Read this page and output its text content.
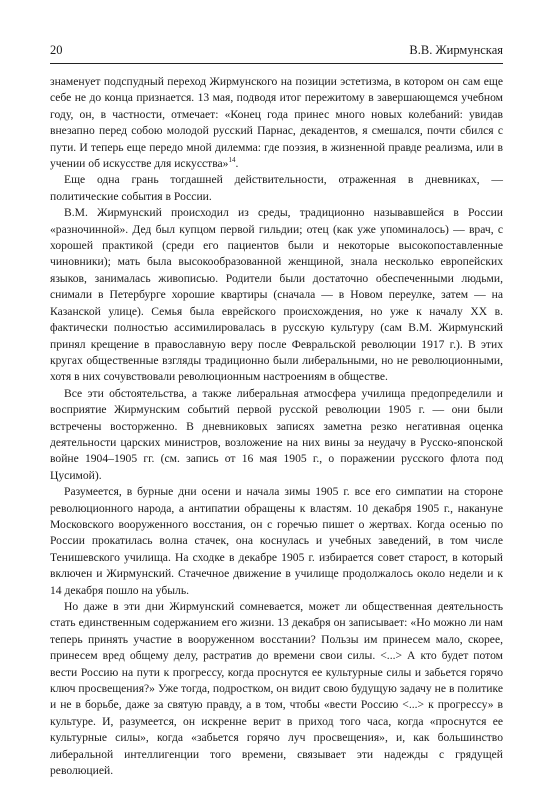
20	В.В. Жирмунская

знаменует подспудный переход Жирмунского на позиции эстетизма, в котором он сам еще себе не до конца признается. 13 мая, подводя итог пережитому в завершающемся учебном году, он, в частности, отмечает: «Конец года принес много новых колебаний: увидав внезапно перед собою молодой русский Парнас, декадентов, я смешался, почти сбился с пути. И теперь еще передо мной дилемма: где поэзия, в жизненной правде реализма, или в учении об искусстве для искусства»$^{14}$.

Еще одна грань тогдашней действительности, отраженная в дневниках, — политические события в России.

В.М. Жирмунский происходил из среды, традиционно называвшейся в России «разночинной». Дед был купцом первой гильдии; отец (как уже упоминалось) — врач, с хорошей практикой (среди его пациентов были и некоторые высокопоставленные чиновники); мать была высокообразованной женщиной, знала несколько европейских языков, занималась живописью. Родители были достаточно обеспеченными людьми, снимали в Петербурге хорошие квартиры (сначала — в Новом переулке, затем — на Казанской улице). Семья была еврейского происхождения, но уже к началу XX в. фактически полностью ассимилировалась в русскую культуру (сам В.М. Жирмунский принял крещение в православную веру после Февральской революции 1917 г.). В этих кругах общественные взгляды традиционно были либеральными, но не революционными, хотя в них сочувствовали революционным настроениям в обществе.

Все эти обстоятельства, а также либеральная атмосфера училища предопределили и восприятие Жирмунским событий первой русской революции 1905 г. — они были встречены восторженно. В дневниковых записях заметна резко негативная оценка деятельности царских министров, возложение на них вины за неудачу в Русско-японской войне 1904–1905 гг. (см. запись от 16 мая 1905 г., о поражении русского флота под Цусимой).

Разумеется, в бурные дни осени и начала зимы 1905 г. все его симпатии на стороне революционного народа, а антипатии обращены к властям. 10 декабря 1905 г., накануне Московского вооруженного восстания, он с горечью пишет о жертвах. Когда осенью по России прокатилась волна стачек, она коснулась и учебных заведений, в том числе Тенишевского училища. На сходке в декабре 1905 г. избирается совет старост, в который включен и Жирмунский. Стачечное движение в училище продолжалось около недели и к 14 декабря пошло на убыль.

Но даже в эти дни Жирмунский сомневается, может ли общественная деятельность стать единственным содержанием его жизни. 13 декабря он записывает: «Но можно ли нам теперь принять участие в вооруженном восстании? Пользы им принесем мало, скорее, принесем вред общему делу, растратив до времени свои силы. <...> А кто будет потом вести Россию на пути к прогрессу, когда проснутся ее культурные силы и забьется горячо ключ просвещения?» Уже тогда, подростком, он видит свою будущую задачу не в политике и не в борьбе, даже за святую правду, а в том, чтобы «вести Россию <...> к прогрессу» в культуре. И, разумеется, он искренне верит в приход того часа, когда «проснутся ее культурные силы», когда «забьется горячо луч просвещения», и, как большинство либеральной интеллигенции того времени, связывает эти надежды с грядущей революцией.
